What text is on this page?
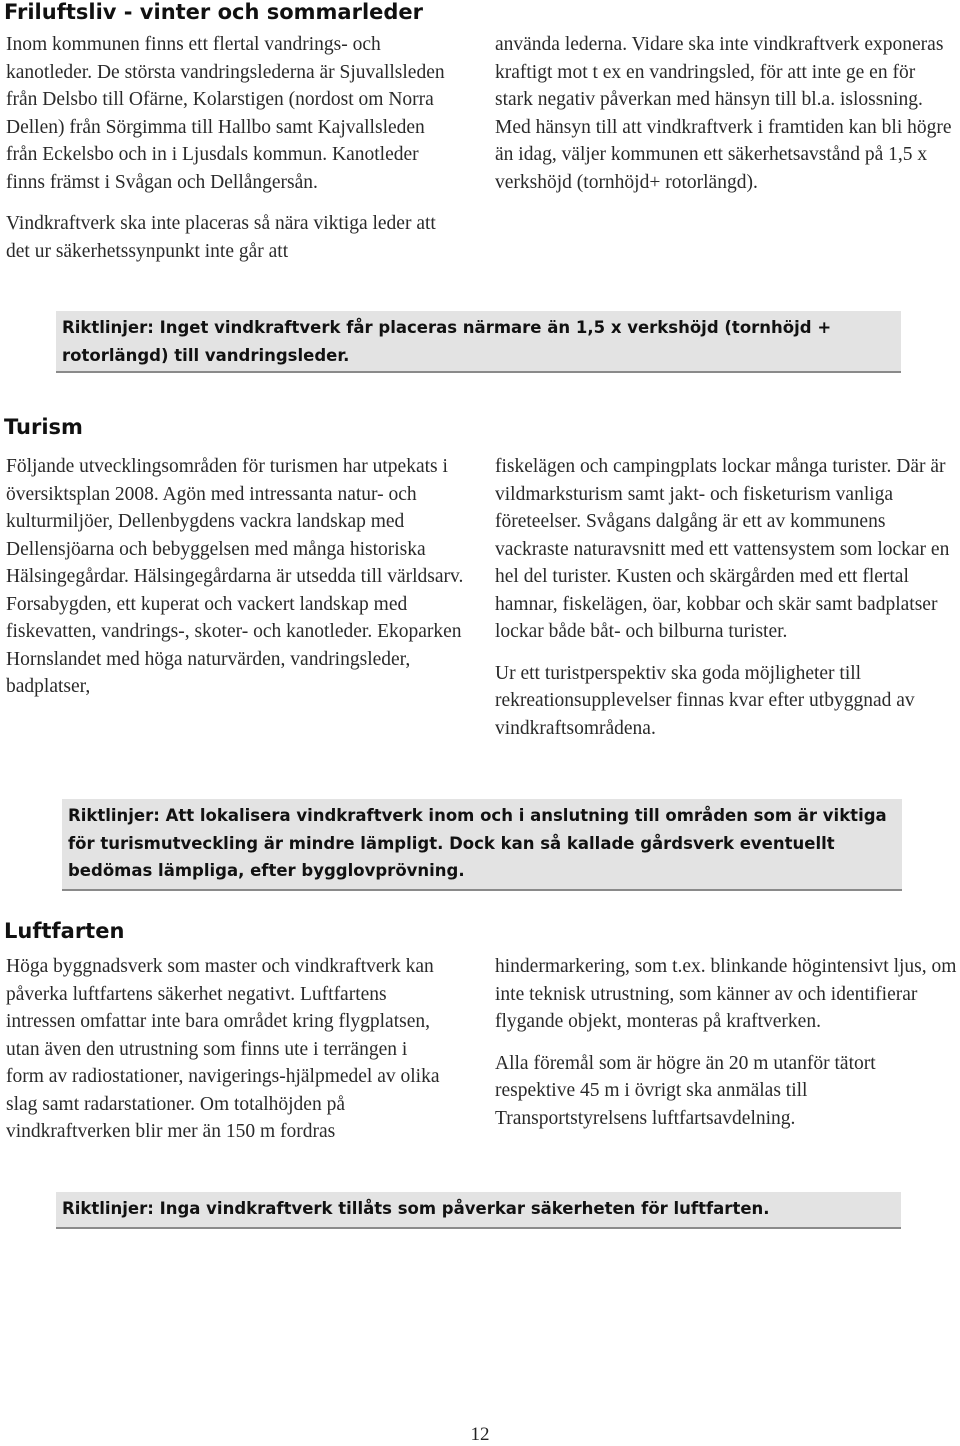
Friluftsliv - vinter och sommarleder

Inom kommunen finns ett flertal vandrings- och kanotleder. De största vandringslederna är Sjuvallsleden från Delsbo till Ofärne, Kolarstigen (nordost om Norra Dellen) från Sörgimma till Hallbo samt Kajvallsleden från Eckelsbo och in i Ljusdals kommun. Kanotleder finns främst i Svågan och Dellångersån.

Vindkraftverk ska inte placeras så nära viktiga leder att det ur säkerhetssynpunkt inte går att

använda lederna. Vidare ska inte vindkraftverk exponeras kraftigt mot t ex en vandringsled, för att inte ge en för stark negativ påverkan med hänsyn till bl.a. islossning. Med hänsyn till att vindkraftverk i framtiden kan bli högre än idag, väljer kommunen ett säkerhetsavstånd på 1,5 x verkshöjd (tornhöjd+ rotorlängd).

Riktlinjer: Inget vindkraftverk får placeras närmare än 1,5 x verkshöjd (tornhöjd + rotorlängd) till vandringsleder.
Turism

Följande utvecklingsområden för turismen har utpekats i översiktsplan 2008. Agön med intressanta natur- och kulturmiljöer, Dellenbygdens vackra landskap med Dellensjöarna och bebyggelsen med många historiska Hälsingegårdar. Hälsingegårdarna är utsedda till världsarv. Forsabygden, ett kuperat och vackert landskap med fiskevatten, vandrings-, skoter- och kanotleder. Ekoparken Hornslandet med höga naturvärden, vandringsleder, badplatser,

fiskelägen och campingplats lockar många turister. Där är vildmarksturism samt jakt- och fisketurism vanliga företeelser. Svågans dalgång är ett av kommunens vackraste naturavsnitt med ett vattensystem som lockar en hel del turister. Kusten och skärgården med ett flertal hamnar, fiskelägen, öar, kobbar och skär samt badplatser lockar både båt- och bilburna turister.

Ur ett turistperspektiv ska goda möjligheter till rekreationsupplevelser finnas kvar efter utbyggnad av vindkraftsområdena.

Riktlinjer: Att lokalisera vindkraftverk inom och i anslutning till områden som är viktiga för turismutveckling är mindre lämpligt. Dock kan så kallade gårdsverk eventuellt bedömas lämpliga, efter bygglovprövning.
Luftfarten

Höga byggnadsverk som master och vindkraftverk kan påverka luftfartens säkerhet negativt. Luftfartens intressen omfattar inte bara området kring flygplatsen, utan även den utrustning som finns ute i terrängen i form av radiostationer, navigerings-hjälpmedel av olika slag samt radarstationer. Om totalhöjden på vindkraftverken blir mer än 150 m fordras

hindermarkering, som t.ex. blinkande högintensivt ljus, om inte teknisk utrustning, som känner av och identifierar flygande objekt, monteras på kraftverken.

Alla föremål som är högre än 20 m utanför tätort respektive 45 m i övrigt ska anmälas till Transportstyrelsens luftfartsavdelning.

Riktlinjer: Inga vindkraftverk tillåts som påverkar säkerheten för luftfarten.
12
